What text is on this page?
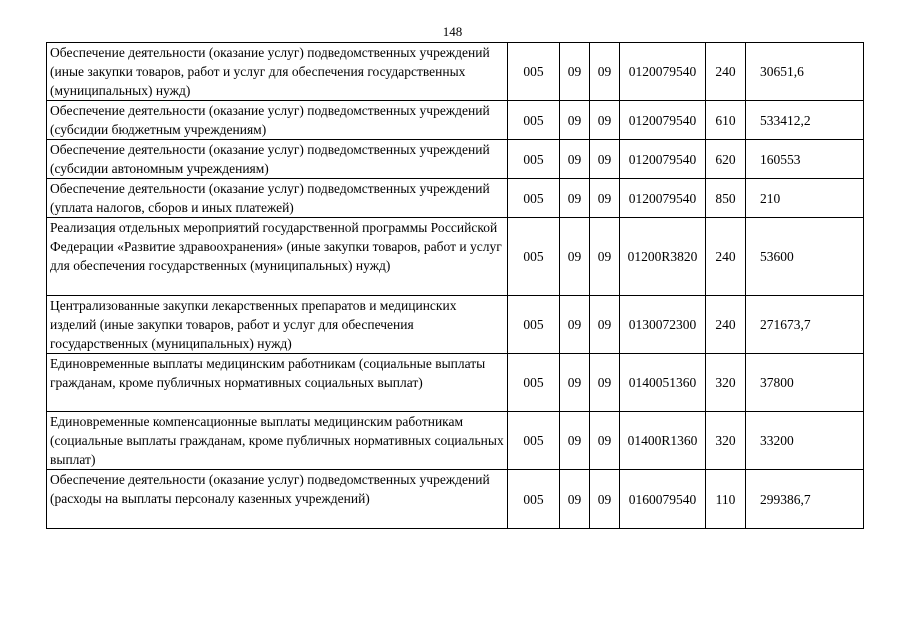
148
Обеспечение деятельности (оказание услуг) подведомственных учреждений (иные закупки товаров, работ и услуг для обеспечения государственных (муниципальных) нужд)	005	09	09	0120079540	240	30651,6
Обеспечение деятельности (оказание услуг) подведомственных учреждений (субсидии бюджетным учреждениям)	005	09	09	0120079540	610	533412,2
Обеспечение деятельности (оказание услуг) подведомственных учреждений (субсидии автономным учреждениям)	005	09	09	0120079540	620	160553
Обеспечение деятельности (оказание услуг) подведомственных учреждений (уплата налогов, сборов и иных платежей)	005	09	09	0120079540	850	210
Реализация отдельных мероприятий государственной программы Российской Федерации «Развитие здравоохранения» (иные закупки товаров, работ и услуг для обеспечения государственных (муниципальных) нужд)	005	09	09	01200R3820	240	53600
Централизованные закупки лекарственных препаратов и медицинских изделий (иные закупки товаров, работ и услуг для обеспечения государственных (муниципальных) нужд)	005	09	09	0130072300	240	271673,7
Единовременные выплаты медицинским работникам (социальные выплаты гражданам, кроме публичных нормативных социальных выплат)	005	09	09	0140051360	320	37800
Единовременные компенсационные выплаты медицинским работникам (социальные выплаты гражданам, кроме публичных нормативных социальных выплат)	005	09	09	01400R1360	320	33200
Обеспечение деятельности (оказание услуг) подведомственных учреждений (расходы на выплаты персоналу казенных учреждений)	005	09	09	0160079540	110	299386,7
